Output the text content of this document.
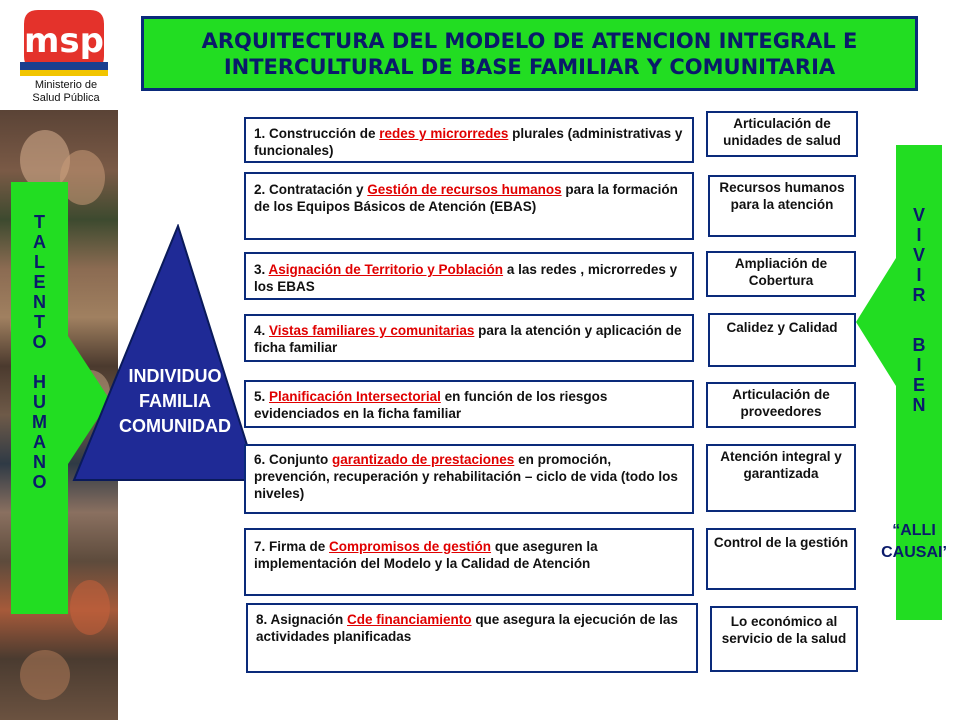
msp
Ministerio de
Salud Pública
ARQUITECTURA DEL MODELO DE ATENCION INTEGRAL E
INTERCULTURAL DE BASE FAMILIAR Y COMUNITARIA
T
A
L
E
N
T
O
H
U
M
A
N
O
INDIVIDUO
FAMILIA
COMUNIDAD
1. Construcción de redes y microrredes plurales (administrativas y funcionales)
2. Contratación y Gestión de recursos humanos para la formación de los Equipos Básicos de Atención (EBAS)
3. Asignación de Territorio y Población a las redes , microrredes y los EBAS
4. Vistas familiares y comunitarias para la atención y aplicación de ficha familiar
5. Planificación Intersectorial en función de los riesgos evidenciados en la ficha familiar
6. Conjunto garantizado de prestaciones en promoción, prevención, recuperación y rehabilitación – ciclo de vida (todo los niveles)
7. Firma de Compromisos de gestión que aseguren la implementación del Modelo y la Calidad de Atención
8. Asignación Cde financiamiento que asegura la ejecución de las actividades planificadas
Articulación de unidades de salud
Recursos humanos para la atención
Ampliación de Cobertura
Calidez y Calidad
Articulación de proveedores
Atención integral y garantizada
Control de la gestión
Lo económico al servicio de la salud
V
I
V
I
R
B
I
E
N
“ALLI
CAUSAI’
